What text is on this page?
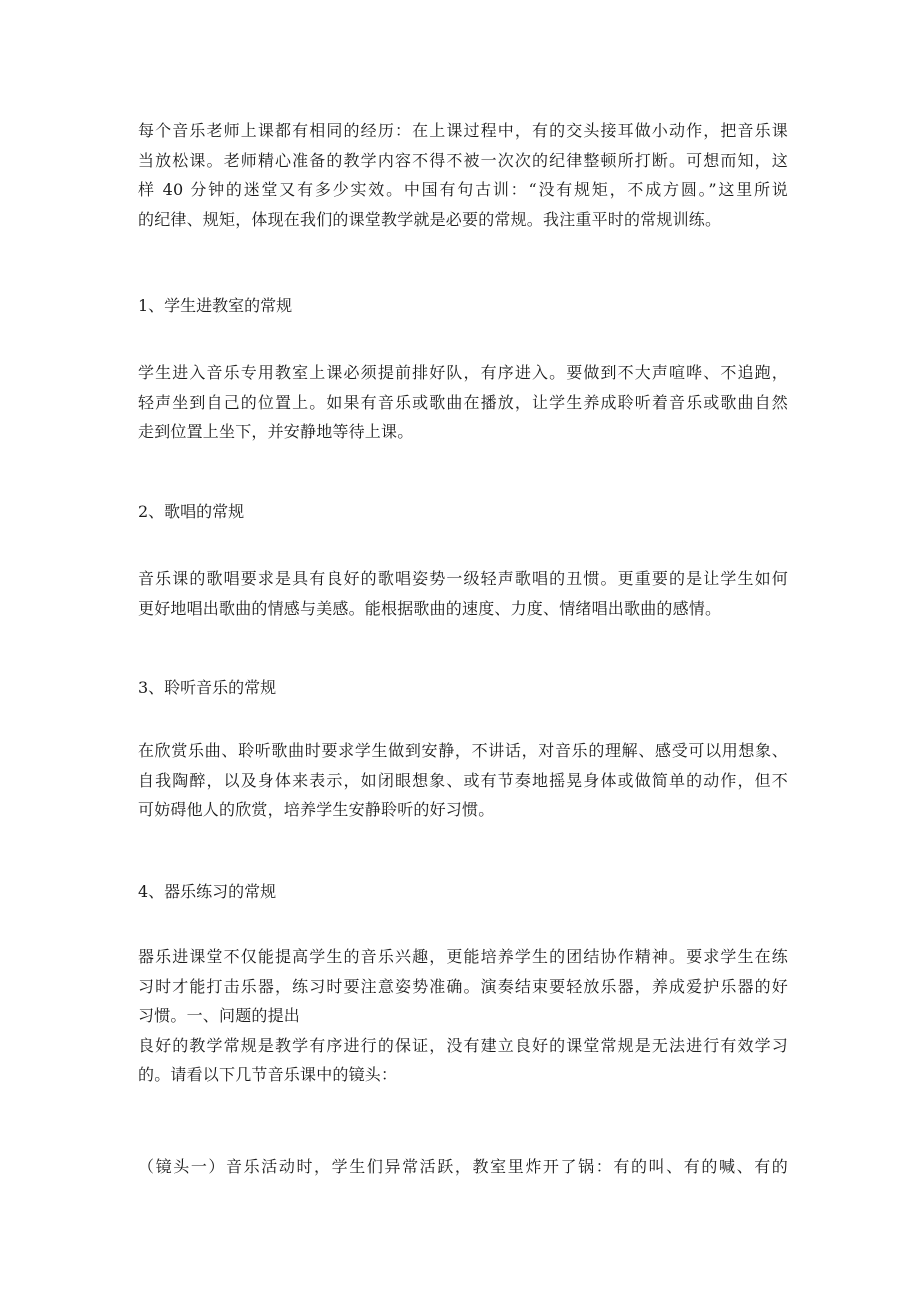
每个音乐老师上课都有相同的经历：在上课过程中，有的交头接耳做小动作，把音乐课
当放松课。老师精心准备的教学内容不得不被一次次的纪律整顿所打断。可想而知，这
样 40 分钟的迷堂又有多少实效。中国有句古训：“没有规矩，不成方圆。”这里所说
的纪律、规矩，体现在我们的课堂教学就是必要的常规。我注重平时的常规训练。
1、学生进教室的常规
学生进入音乐专用教室上课必须提前排好队，有序进入。要做到不大声喧哗、不追跑，
轻声坐到自己的位置上。如果有音乐或歌曲在播放，让学生养成聆听着音乐或歌曲自然
走到位置上坐下，并安静地等待上课。
2、歌唱的常规
音乐课的歌唱要求是具有良好的歌唱姿势一级轻声歌唱的丑惯。更重要的是让学生如何
更好地唱出歌曲的情感与美感。能根据歌曲的速度、力度、情绪唱出歌曲的感情。
3、聆听音乐的常规
在欣赏乐曲、聆听歌曲时要求学生做到安静，不讲话，对音乐的理解、感受可以用想象、
自我陶醉，以及身体来表示，如闭眼想象、或有节奏地摇晃身体或做简单的动作，但不
可妨碍他人的欣赏，培养学生安静聆听的好习惯。
4、器乐练习的常规
器乐进课堂不仅能提高学生的音乐兴趣，更能培养学生的团结协作精神。要求学生在练
习时才能打击乐器，练习时要注意姿势准确。演奏结束要轻放乐器，养成爱护乐器的好
习惯。一、问题的提出
良好的教学常规是教学有序进行的保证，没有建立良好的课堂常规是无法进行有效学习
的。请看以下几节音乐课中的镜头：
（镜头一）音乐活动时，学生们异常活跃，教室里炸开了锅：有的叫、有的喊、有的
